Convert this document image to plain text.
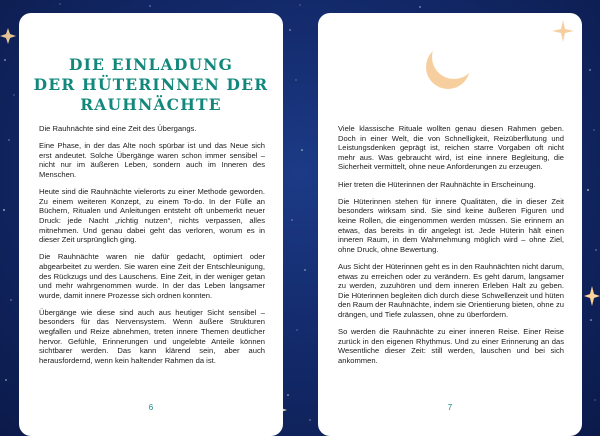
DIE EINLADUNG
DER HÜTERINNEN DER
RAUHNÄCHTE

Die Rauhnächte sind eine Zeit des Übergangs.

Eine Phase, in der das Alte noch spürbar ist und das Neue sich erst andeutet. Solche Übergänge waren schon immer sensibel – nicht nur im äußeren Leben, sondern auch im Inneren des Menschen.

Heute sind die Rauhnächte vielerorts zu einer Methode geworden. Zu einem weiteren Konzept, zu einem To-do. In der Fülle an Büchern, Ritualen und Anleitungen entsteht oft unbemerkt neuer Druck: jede Nacht „richtig nutzen“, nichts verpassen, alles mitnehmen. Und genau dabei geht das verloren, worum es in dieser Zeit ursprünglich ging.

Die Rauhnächte waren nie dafür gedacht, optimiert oder abgearbeitet zu werden. Sie waren eine Zeit der Entschleunigung, des Rückzugs und des Lauschens. Eine Zeit, in der weniger getan und mehr wahrgenommen wurde. In der das Leben langsamer wurde, damit innere Prozesse sich ordnen konnten.

Übergänge wie diese sind auch aus heutiger Sicht sensibel – besonders für das Nervensystem. Wenn äußere Strukturen wegfallen und Reize abnehmen, treten innere Themen deutlicher hervor. Gefühle, Erinnerungen und ungelebte Anteile können sichtbarer werden. Das kann klärend sein, aber auch herausfordernd, wenn kein haltender Rahmen da ist.

6

Viele klassische Rituale wollten genau diesen Rahmen geben. Doch in einer Welt, die von Schnelligkeit, Reizüberflutung und Leistungsdenken geprägt ist, reichen starre Vorgaben oft nicht mehr aus. Was gebraucht wird, ist eine innere Begleitung, die Sicherheit vermittelt, ohne neue Anforderungen zu erzeugen.

Hier treten die Hüterinnen der Rauhnächte in Erscheinung.

Die Hüterinnen stehen für innere Qualitäten, die in dieser Zeit besonders wirksam sind. Sie sind keine äußeren Figuren und keine Rollen, die eingenommen werden müssen. Sie erinnern an etwas, das bereits in dir angelegt ist. Jede Hüterin hält einen inneren Raum, in dem Wahrnehmung möglich wird – ohne Ziel, ohne Druck, ohne Bewertung.

Aus Sicht der Hüterinnen geht es in den Rauhnächten nicht darum, etwas zu erreichen oder zu verändern. Es geht darum, langsamer zu werden, zuzuhören und dem inneren Erleben Halt zu geben. Die Hüterinnen begleiten dich durch diese Schwellenzeit und hüten den Raum der Rauhnächte, indem sie Orientierung bieten, ohne zu drängen, und Tiefe zulassen, ohne zu überfordern.

So werden die Rauhnächte zu einer inneren Reise. Einer Reise zurück in den eigenen Rhythmus. Und zu einer Erinnerung an das Wesentliche dieser Zeit: still werden, lauschen und bei sich ankommen.

7
